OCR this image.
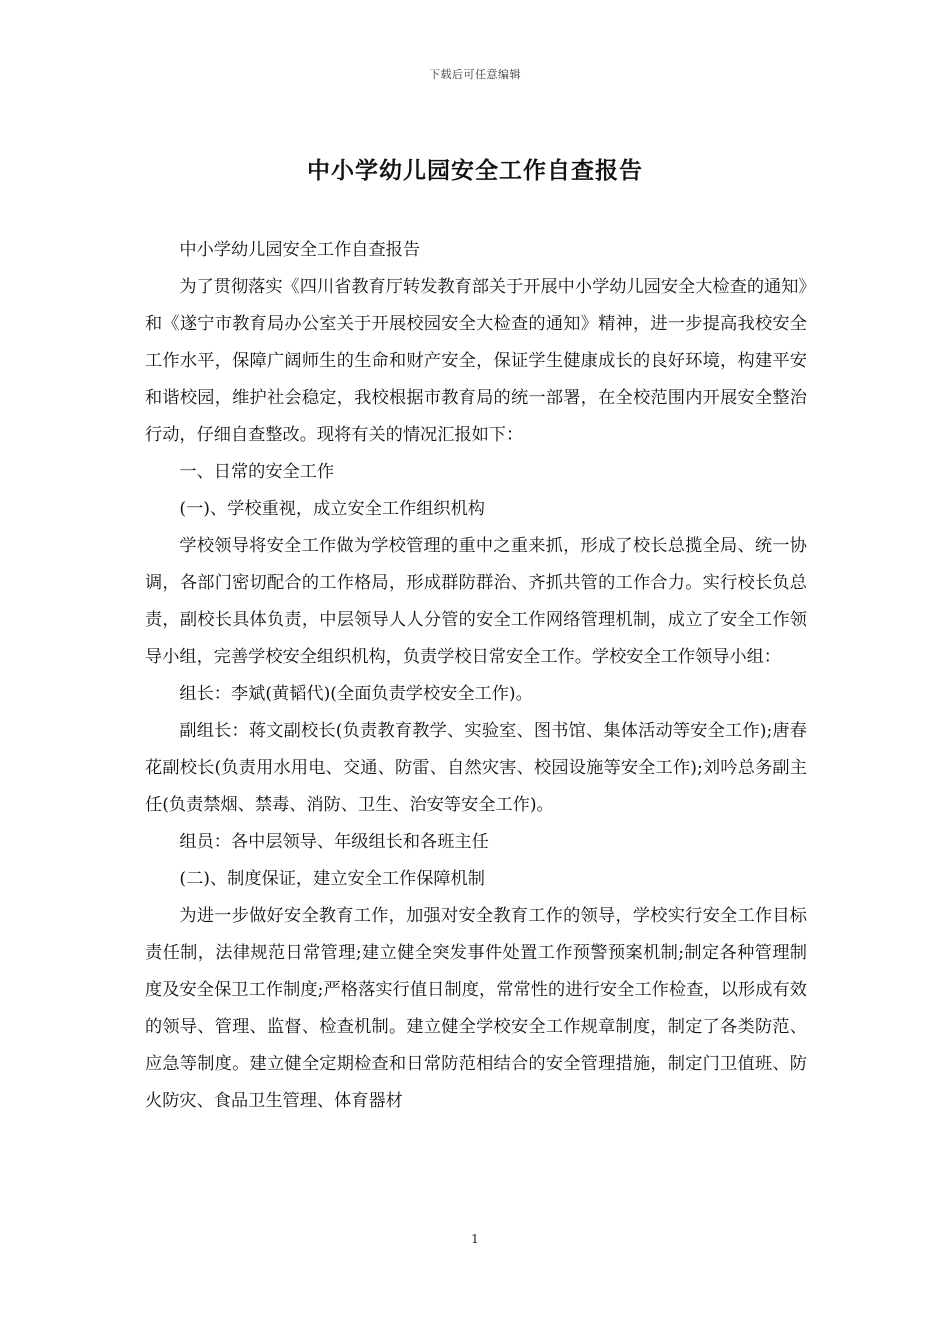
下载后可任意编辑
中小学幼儿园安全工作自查报告

中小学幼儿园安全工作自查报告

为了贯彻落实《四川省教育厅转发教育部关于开展中小学幼儿园安全大检查的通知》和《遂宁市教育局办公室关于开展校园安全大检查的通知》精神，进一步提高我校安全工作水平，保障广阔师生的生命和财产安全，保证学生健康成长的良好环境，构建平安和谐校园，维护社会稳定，我校根据市教育局的统一部署，在全校范围内开展安全整治行动，仔细自查整改。现将有关的情况汇报如下：

一、日常的安全工作

(一)、学校重视，成立安全工作组织机构

学校领导将安全工作做为学校管理的重中之重来抓，形成了校长总揽全局、统一协调，各部门密切配合的工作格局，形成群防群治、齐抓共管的工作合力。实行校长负总责，副校长具体负责，中层领导人人分管的安全工作网络管理机制，成立了安全工作领导小组，完善学校安全组织机构，负责学校日常安全工作。学校安全工作领导小组：

组长：李斌(黄韬代)(全面负责学校安全工作)。

副组长：蒋文副校长(负责教育教学、实验室、图书馆、集体活动等安全工作);唐春花副校长(负责用水用电、交通、防雷、自然灾害、校园设施等安全工作);刘吟总务副主任(负责禁烟、禁毒、消防、卫生、治安等安全工作)。

组员：各中层领导、年级组长和各班主任

(二)、制度保证，建立安全工作保障机制

为进一步做好安全教育工作，加强对安全教育工作的领导，学校实行安全工作目标责任制，法律规范日常管理;建立健全突发事件处置工作预警预案机制;制定各种管理制度及安全保卫工作制度;严格落实行值日制度，常常性的进行安全工作检查，以形成有效的领导、管理、监督、检查机制。建立健全学校安全工作规章制度，制定了各类防范、应急等制度。建立健全定期检查和日常防范相结合的安全管理措施，制定门卫值班、防火防灾、食品卫生管理、体育器材

1
